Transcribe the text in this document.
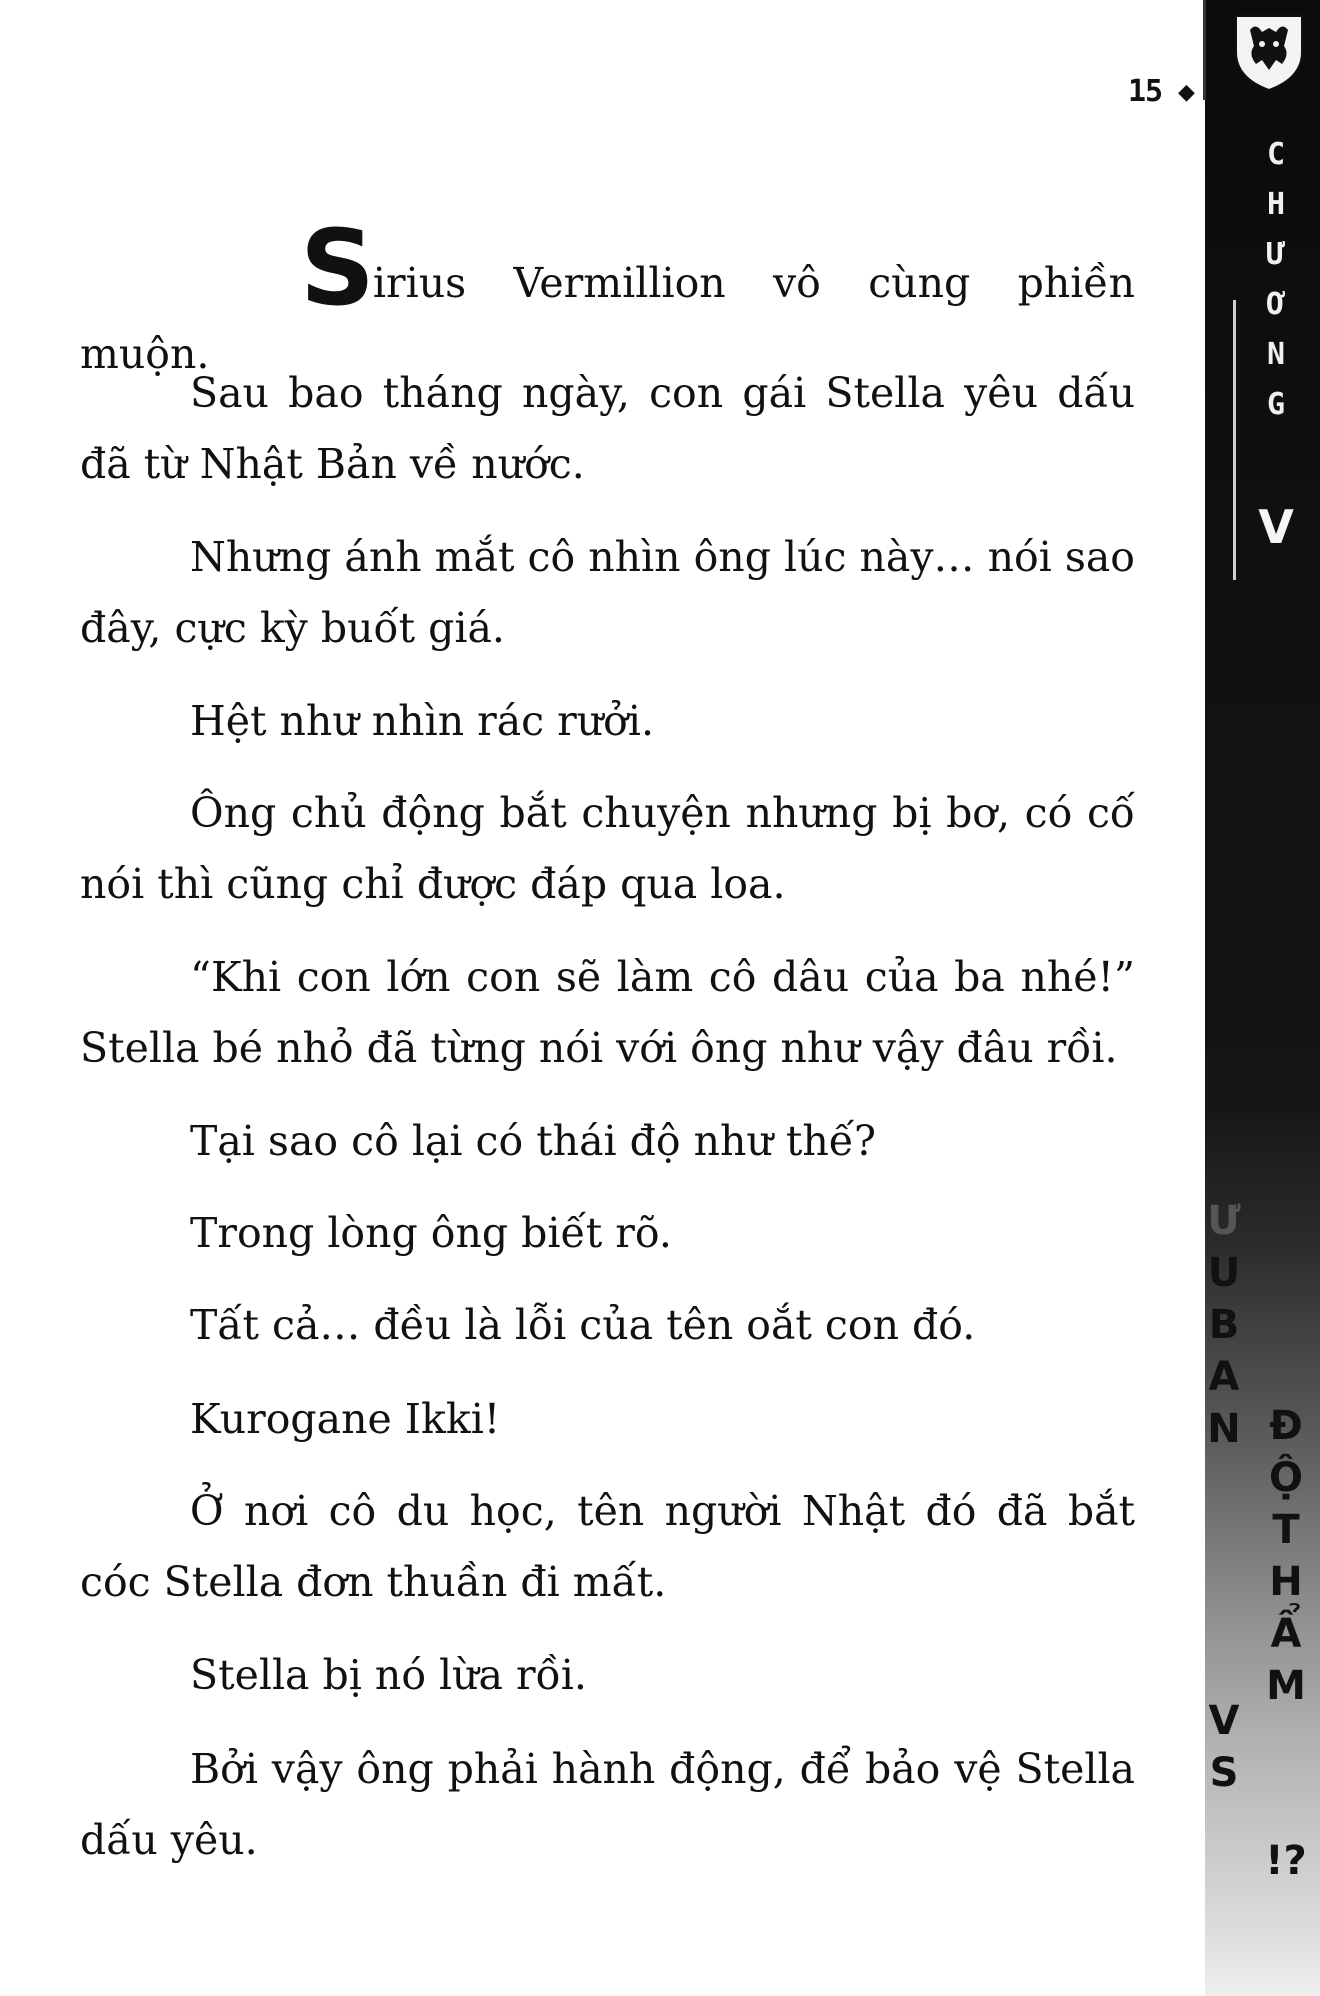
15 ◆

Sirius Vermillion vô cùng phiền muộn.

Sau bao tháng ngày, con gái Stella yêu dấu đã từ Nhật Bản về nước.

Nhưng ánh mắt cô nhìn ông lúc này… nói sao đây, cực kỳ buốt giá.

Hệt như nhìn rác rưởi.

Ông chủ động bắt chuyện nhưng bị bơ, có cố nói thì cũng chỉ được đáp qua loa.

“Khi con lớn con sẽ làm cô dâu của ba nhé!” Stella bé nhỏ đã từng nói với ông như vậy đâu rồi.

Tại sao cô lại có thái độ như thế?

Trong lòng ông biết rõ.

Tất cả… đều là lỗi của tên oắt con đó.

Kurogane Ikki!

Ở nơi cô du học, tên người Nhật đó đã bắt cóc Stella đơn thuần đi mất.

Stella bị nó lừa rồi.

Bởi vậy ông phải hành động, để bảo vệ Stella dấu yêu.

C
H
Ư
Ơ
N
G
V
Ư
U
B
A
N Đ
Ộ
T
H
Ẩ
M
V
S
!?
